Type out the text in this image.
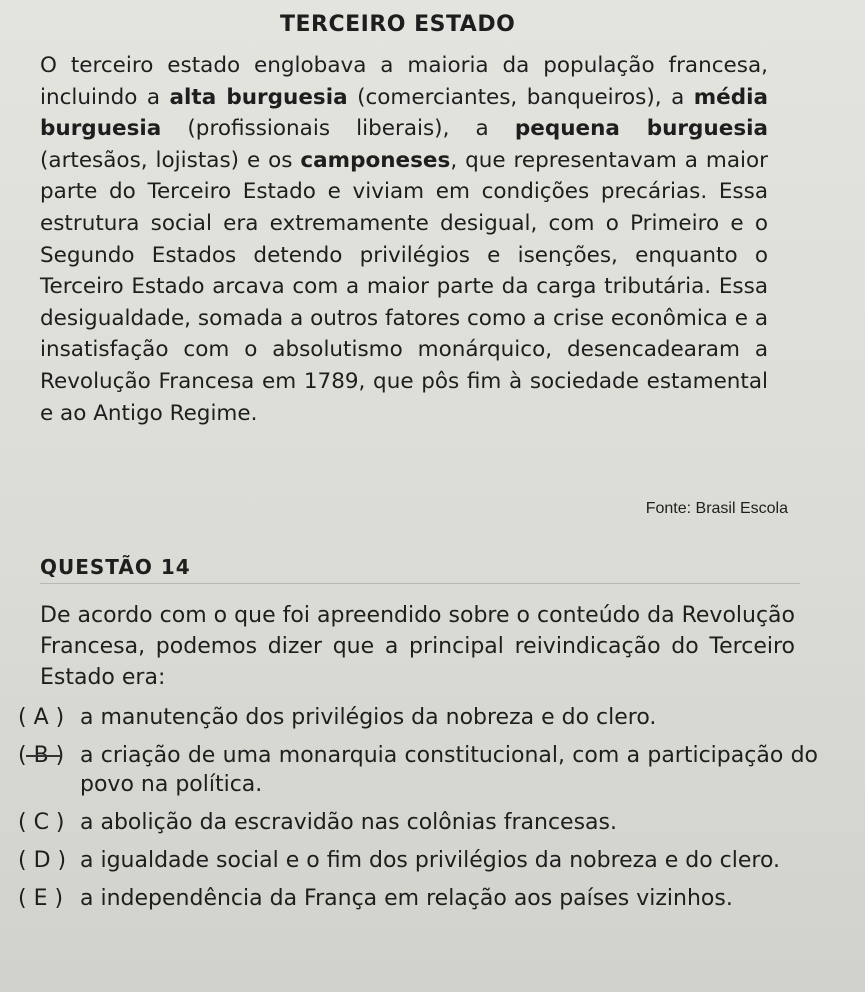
TERCEIRO ESTADO
O terceiro estado englobava a maioria da população francesa, incluindo a alta burguesia (comerciantes, banqueiros), a média burguesia (profissionais liberais), a pequena burguesia (artesãos, lojistas) e os camponeses, que representavam a maior parte do Terceiro Estado e viviam em condições precárias. Essa estrutura social era extremamente desigual, com o Primeiro e o Segundo Estados detendo privilégios e isenções, enquanto o Terceiro Estado arcava com a maior parte da carga tributária. Essa desigualdade, somada a outros fatores como a crise econômica e a insatisfação com o absolutismo monárquico, desencadearam a Revolução Francesa em 1789, que pôs fim à sociedade estamental e ao Antigo Regime.
Fonte: Brasil Escola
QUESTÃO 14
De acordo com o que foi apreendido sobre o conteúdo da Revolução Francesa, podemos dizer que a principal reivindicação do Terceiro Estado era:
( A ) a manutenção dos privilégios da nobreza e do clero.
( B ) a criação de uma monarquia constitucional, com a participação do povo na política.
( C ) a abolição da escravidão nas colônias francesas.
( D ) a igualdade social e o fim dos privilégios da nobreza e do clero.
( E ) a independência da França em relação aos países vizinhos.
